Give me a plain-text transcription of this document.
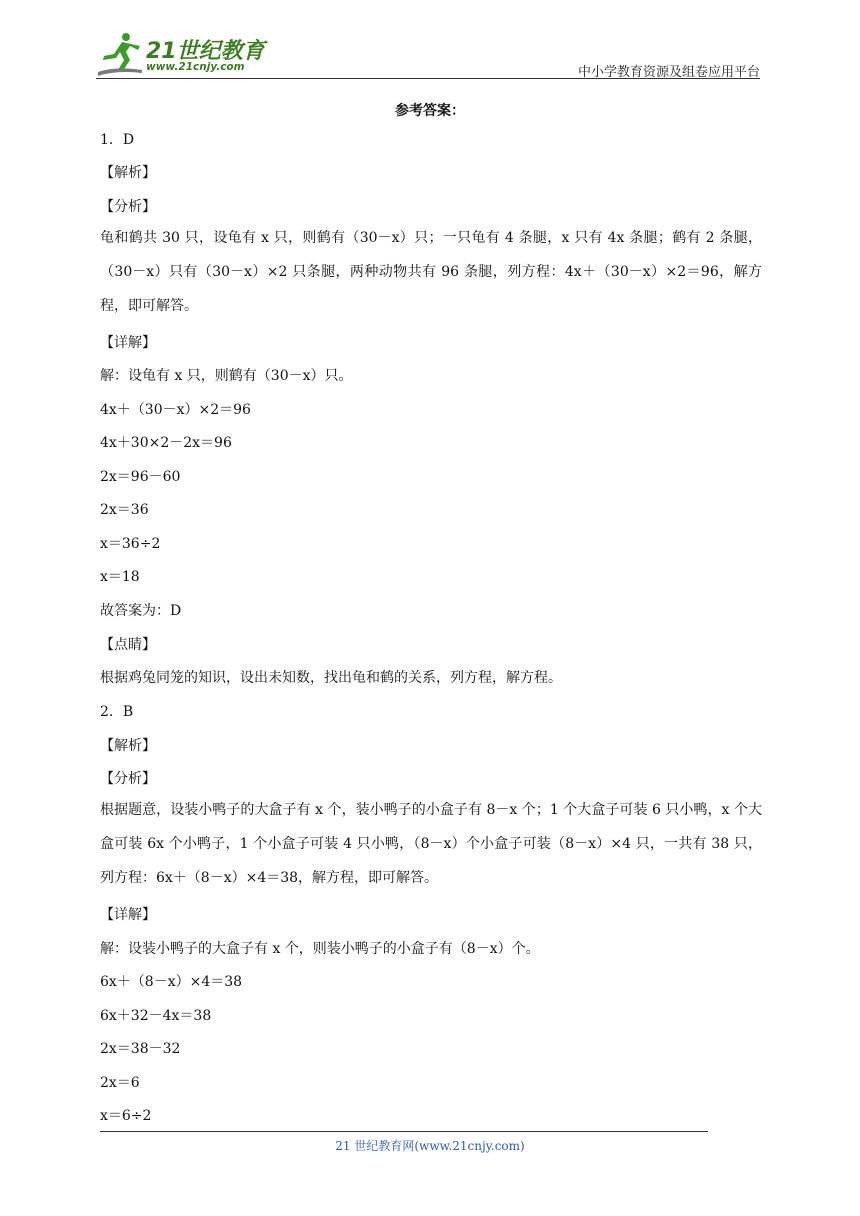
21世纪教育
www.21cnjy.com	中小学教育资源及组卷应用平台
参考答案：
1．D
【解析】
【分析】
龟和鹤共 30 只，设龟有 x 只，则鹤有（30－x）只；一只龟有 4 条腿，x 只有 4x 条腿；鹤有 2 条腿，（30－x）只有（30－x）×2 只条腿，两种动物共有 96 条腿，列方程：4x＋（30－x）×2＝96，解方程，即可解答。
【详解】
解：设龟有 x 只，则鹤有（30－x）只。
4x＋（30－x）×2＝96
4x＋30×2－2x＝96
2x＝96－60
2x＝36
x＝36÷2
x＝18
故答案为：D
【点睛】
根据鸡兔同笼的知识，设出未知数，找出龟和鹤的关系，列方程，解方程。
2．B
【解析】
【分析】
根据题意，设装小鸭子的大盒子有 x 个，装小鸭子的小盒子有 8－x 个；1 个大盒子可装 6 只小鸭，x 个大盒可装 6x 个小鸭子，1 个小盒子可装 4 只小鸭，（8－x）个小盒子可装（8－x）×4 只，一共有 38 只，列方程：6x＋（8－x）×4＝38，解方程，即可解答。
【详解】
解：设装小鸭子的大盒子有 x 个，则装小鸭子的小盒子有（8－x）个。
6x＋（8－x）×4＝38
6x＋32－4x＝38
2x＝38－32
2x＝6
x＝6÷2
21 世纪教育网(www.21cnjy.com)
